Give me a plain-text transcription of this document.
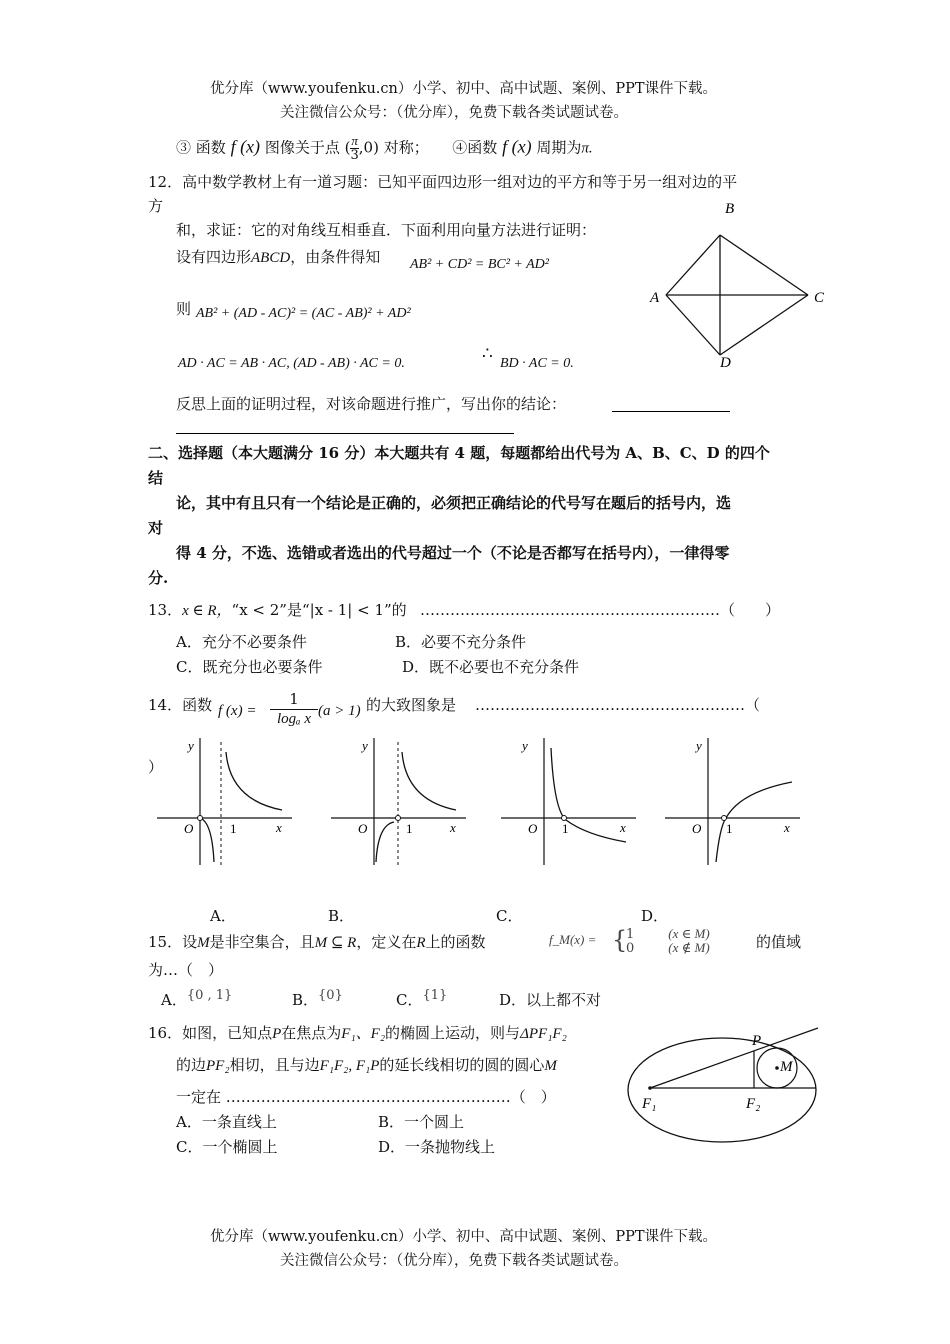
优分库（www.youfenku.cn）小学、初中、高中试题、案例、PPT课件下载。
关注微信公众号：（优分库），免费下载各类试题试卷。
③ 函数 f (x) 图像关于点 ( $\frac{\pi}{3} ,0$) 对称； ④函数 f (x) 周期为π.
12．高中数学教材上有一道习题：已知平面四边形一组对边的平方和等于另一组对边的平
方
和，求证：它的对角线互相垂直．下面利用向量方法进行证明：
设有四边形ABCD，由条件得知 AB² + CD² = BC² + AD²
则 AB² + (AD - AC)² = (AC - AB)² + AD²
AD · AC = AB · AC, (AD - AB) · AC = 0.	∴ BD · AC = 0.
反思上面的证明过程，对该命题进行推广，写出你的结论：
B
A	C
D
二、选择题（本大题满分 16 分）本大题共有 4 题，每题都给出代号为 A、B、C、D 的四个
结
论，其中有且只有一个结论是正确的，必须把正确结论的代号写在题后的括号内，选
对
得 4 分，不选、选错或者选出的代号超过一个（不论是否都写在括号内），一律得零
分.
13．x ∈ R，“x < 2”是“|x - 1| < 1”的 ……………………………………………………（　　）
A．充分不必要条件	B．必要不充分条件
C．既充分也必要条件	D．既不必要也不充分条件
14．函数 f $(x) = \frac{1}{\text{logₐ x}} (a > 1)$ 的大致图象是 ………………………………………………（
）
y
x
O	1
y
x
O	1
y
x
O 1
y
x
O 1
A．	B．	C．	D．
15．设M是非空集合，且M ⊆ R，定义在R上的函数	f_M(x) = {
1	(x ∈ M)
0	(x ∉ M)	的值域
为…（　）
A．{0 , 1}	B．{0}	C．{1}	D．以上都不对
16．如图，已知点P在焦点为F₁、F₂的椭圆上运动，则与ΔPF₁F₂
的边PF₂相切，且与边F₁F₂, F₁P的延长线相切的圆的圆心M
一定在 …………………………………………………（　）
A．一条直线上	B．一个圆上
C．一个椭圆上	D．一条抛物线上
P
M
F₁	F₂
优分库（www.youfenku.cn）小学、初中、高中试题、案例、PPT课件下载。
关注微信公众号：（优分库），免费下载各类试题试卷。
